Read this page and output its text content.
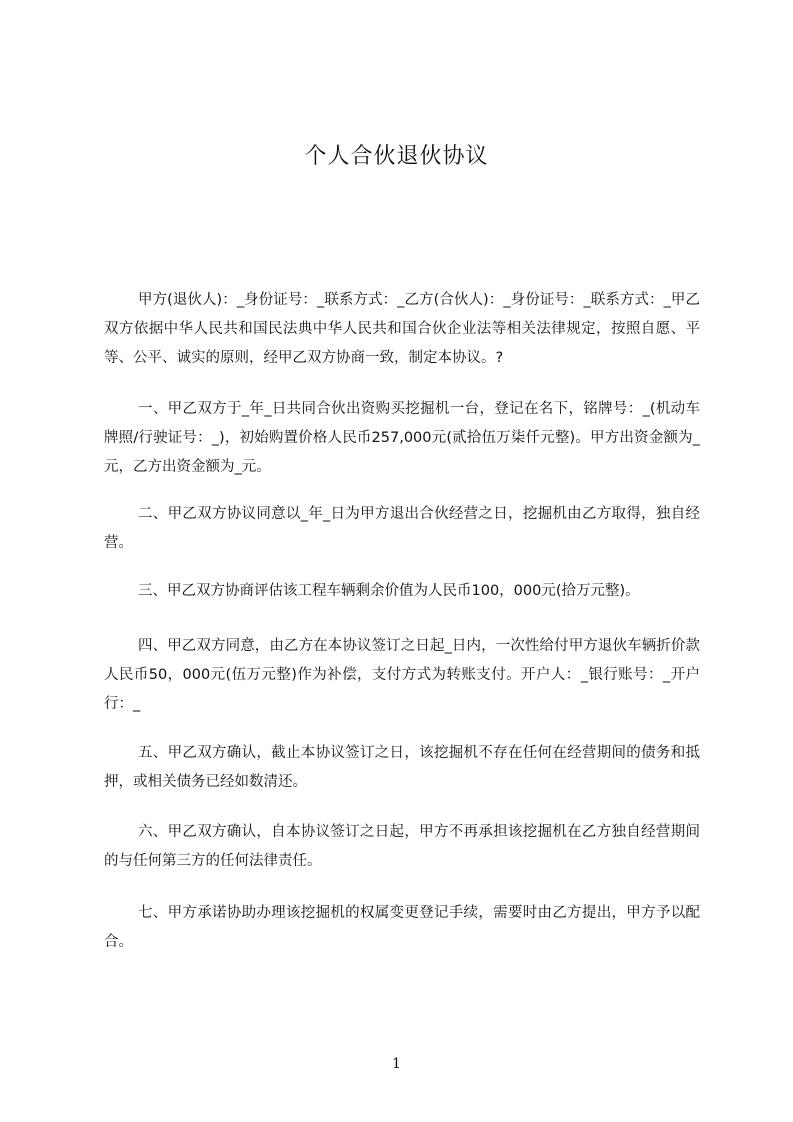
个人合伙退伙协议

甲方(退伙人)：_身份证号：_联系方式：_乙方(合伙人)：_身份证号：_联系方式：_甲乙双方依据中华人民共和国民法典中华人民共和国合伙企业法等相关法律规定，按照自愿、平等、公平、诚实的原则，经甲乙双方协商一致，制定本协议。?

一、甲乙双方于_年_日共同合伙出资购买挖掘机一台，登记在名下，铭牌号：_(机动车牌照/行驶证号：_)，初始购置价格人民币257,000元(贰拾伍万柒仟元整)。甲方出资金额为_元，乙方出资金额为_元。

二、甲乙双方协议同意以_年_日为甲方退出合伙经营之日，挖掘机由乙方取得，独自经营。

三、甲乙双方协商评估该工程车辆剩余价值为人民币100，000元(拾万元整)。

四、甲乙双方同意，由乙方在本协议签订之日起_日内，一次性给付甲方退伙车辆折价款人民币50，000元(伍万元整)作为补偿，支付方式为转账支付。开户人：_银行账号：_开户行：_

五、甲乙双方确认，截止本协议签订之日，该挖掘机不存在任何在经营期间的债务和抵押，或相关债务已经如数清还。

六、甲乙双方确认，自本协议签订之日起，甲方不再承担该挖掘机在乙方独自经营期间的与任何第三方的任何法律责任。

七、甲方承诺协助办理该挖掘机的权属变更登记手续，需要时由乙方提出，甲方予以配合。

1
